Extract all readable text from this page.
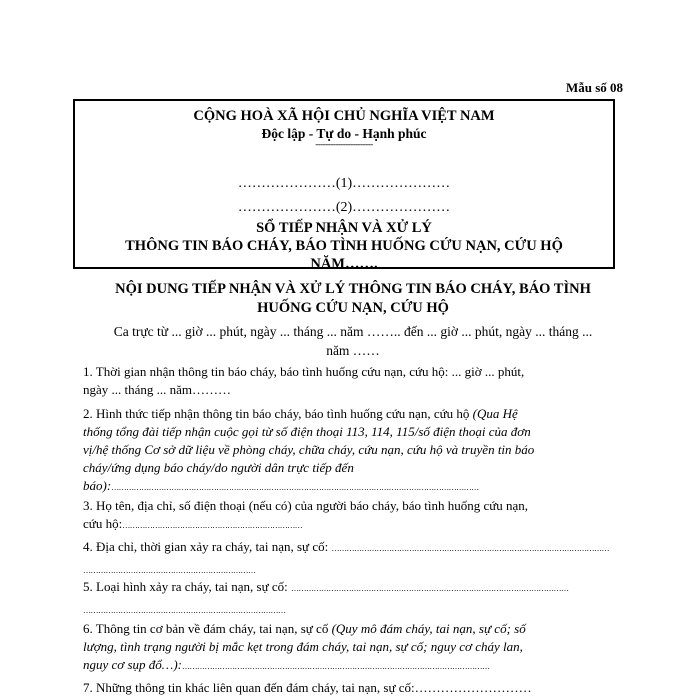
Mẫu số 08
CỘNG HOÀ XÃ HỘI CHỦ NGHĨA VIỆT NAM
Độc lập - Tự do - Hạnh phúc
-----------------------
…………………(1)…………………
…………………(2)…………………
SỔ TIẾP NHẬN VÀ XỬ LÝ
THÔNG TIN BÁO CHÁY, BÁO TÌNH HUỐNG CỨU NẠN, CỨU HỘ
NĂM…….
NỘI DUNG TIẾP NHẬN VÀ XỬ LÝ THÔNG TIN BÁO CHÁY, BÁO TÌNH
HUỐNG CỨU NẠN, CỨU HỘ
Ca trực từ ... giờ ... phút, ngày ... tháng ... năm …….. đến ... giờ ... phút, ngày ... tháng ...
năm ……
1. Thời gian nhận thông tin báo cháy, báo tình huống cứu nạn, cứu hộ: ... giờ ... phút,
ngày ... tháng ... năm………
2. Hình thức tiếp nhận thông tin báo cháy, báo tình huống cứu nạn, cứu hộ (Qua Hệ
thống tổng đài tiếp nhận cuộc gọi từ số điện thoại 113, 114, 115/số điện thoại của đơn
vị/hệ thống Cơ sở dữ liệu về phòng cháy, chữa cháy, cứu nạn, cứu hộ và truyền tin báo
cháy/ứng dụng báo cháy/do người dân trực tiếp đến
báo):…………………………………………………………………………………………………………………………………
3. Họ tên, địa chỉ, số điện thoại (nếu có) của người báo cháy, báo tình huống cứu nạn,
cứu hộ:………………………………………………………………
4. Địa chỉ, thời gian xảy ra cháy, tai nạn, sự cố: …………………………………………………………………………………………………
……………………………………………………………
5. Loại hình xảy ra cháy, tai nạn, sự cố: …………………………………………………………………………………………………
………………………………………………………………………
6. Thông tin cơ bản về đám cháy, tai nạn, sự cố (Quy mô đám cháy, tai nạn, sự cố; số
lượng, tình trạng người bị mắc kẹt trong đám cháy, tai nạn, sự cố; nguy cơ cháy lan,
nguy cơ sụp đổ…):……………………………………………………………………………………………………………
7. Những thông tin khác liên quan đến đám cháy, tai nạn, sự cố:………………………
